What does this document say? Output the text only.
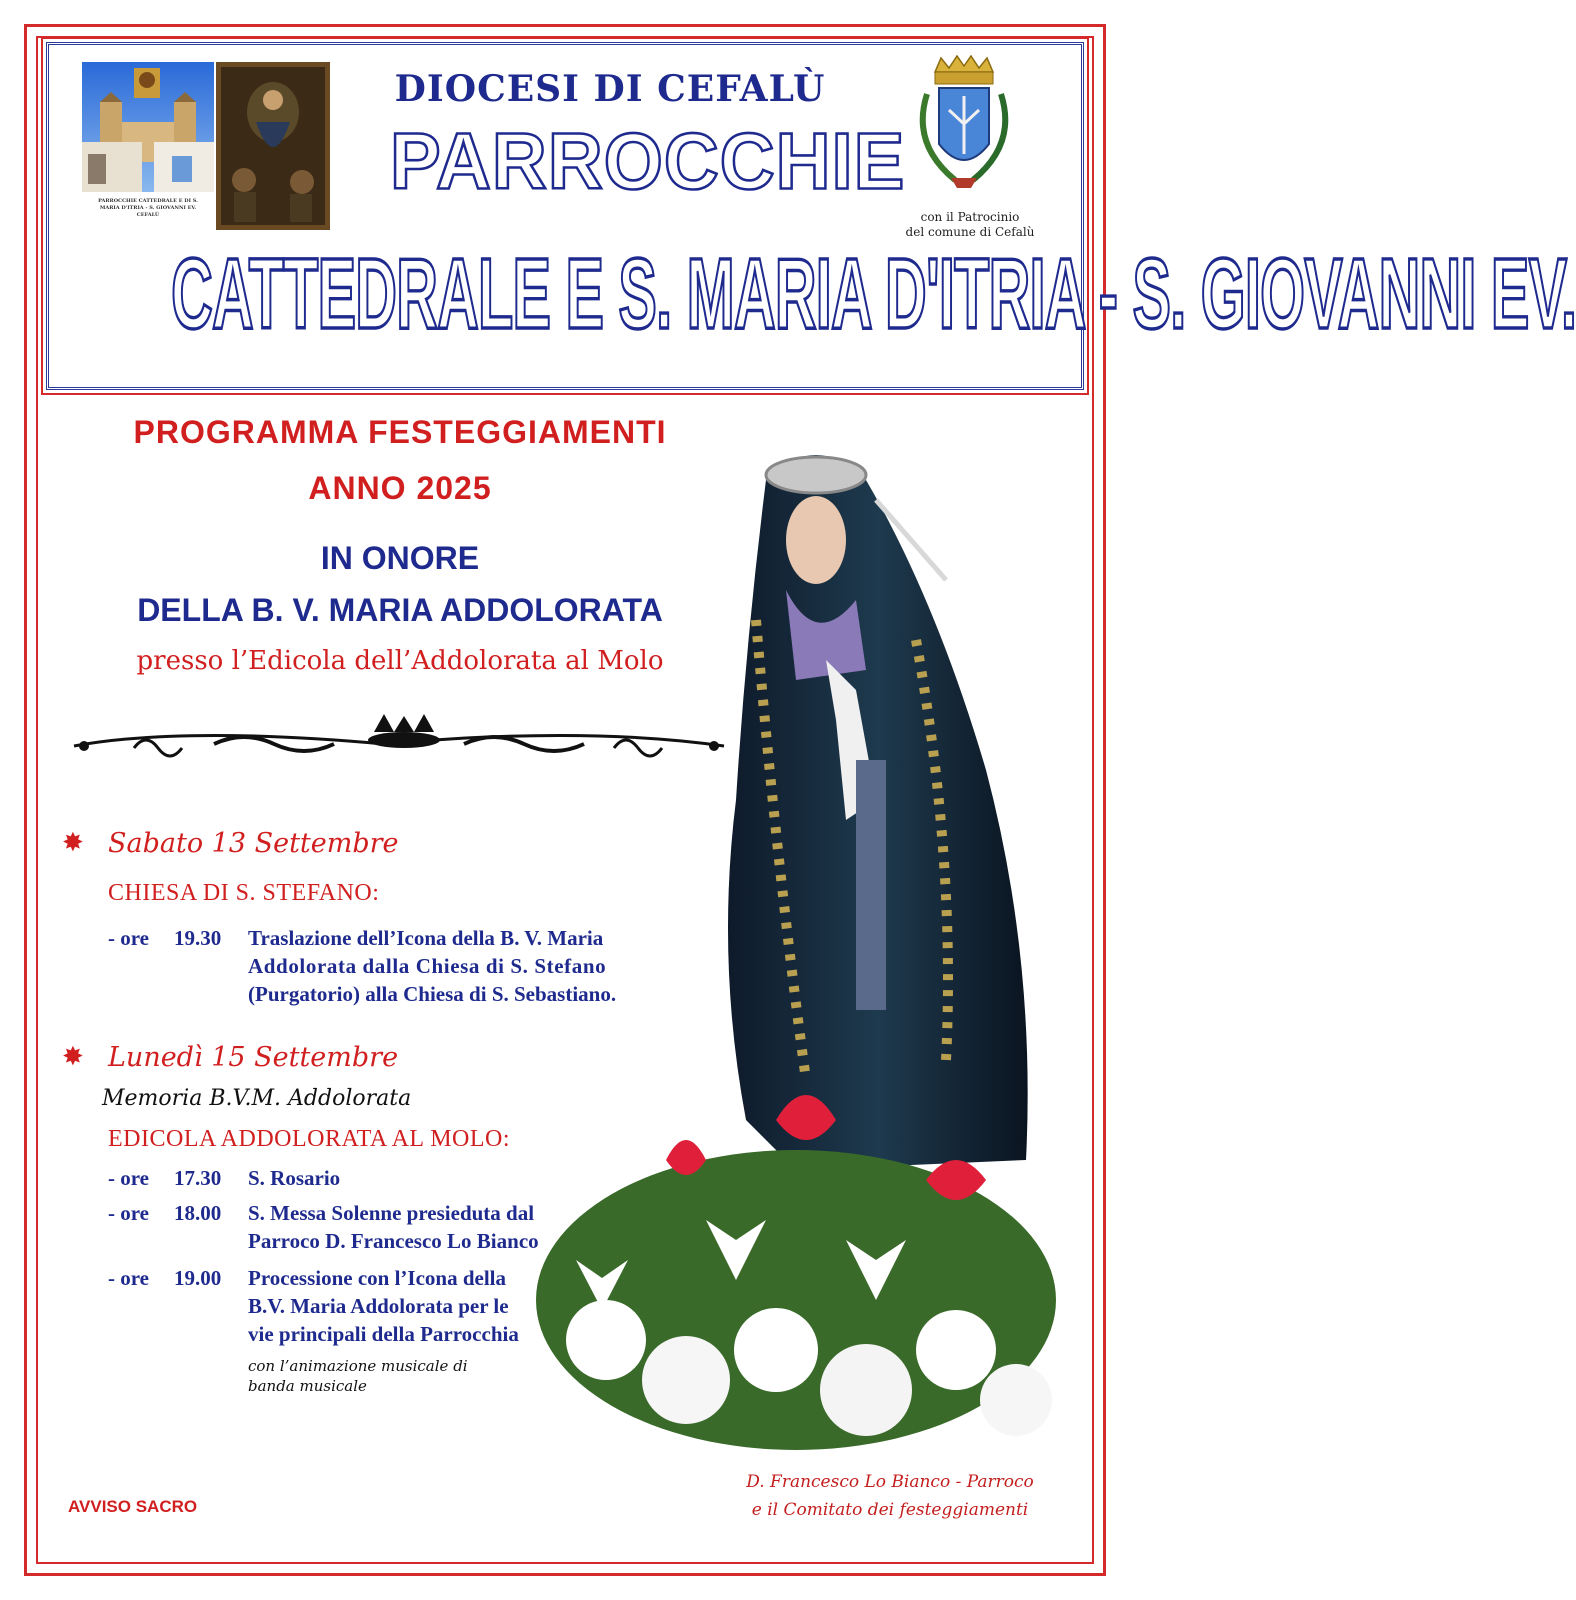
PARROCCHIE CATTEDRALE E DI S. MARIA D'ITRIA - S. GIOVANNI EV. CEFALÙ
DIOCESI DI CEFALÙ
PARROCCHIE
CATTEDRALE E S. MARIA D'ITRIA - S. GIOVANNI EV.
con il Patrocinio
del comune di Cefalù
PROGRAMMA FESTEGGIAMENTI
ANNO 2025
IN ONORE
DELLA B. V. MARIA ADDOLORATA
presso l’Edicola dell’Addolorata al Molo
✸ Sabato 13 Settembre
CHIESA DI S. STEFANO:
- ore 19.30 Traslazione dell’Icona della B. V. Maria
Addolorata dalla Chiesa di S. Stefano
(Purgatorio) alla Chiesa di S. Sebastiano.
✸ Lunedì 15 Settembre
Memoria B.V.M. Addolorata
EDICOLA ADDOLORATA AL MOLO:
- ore 17.30 S. Rosario
- ore 18.00 S. Messa Solenne presieduta dal
Parroco D. Francesco Lo Bianco
- ore 19.00 Processione con l’Icona della
B.V. Maria Addolorata per le
vie principali della Parrocchia
con l’animazione musicale di
banda musicale
AVVISO SACRO
D. Francesco Lo Bianco - Parroco
e il Comitato dei festeggiamenti
